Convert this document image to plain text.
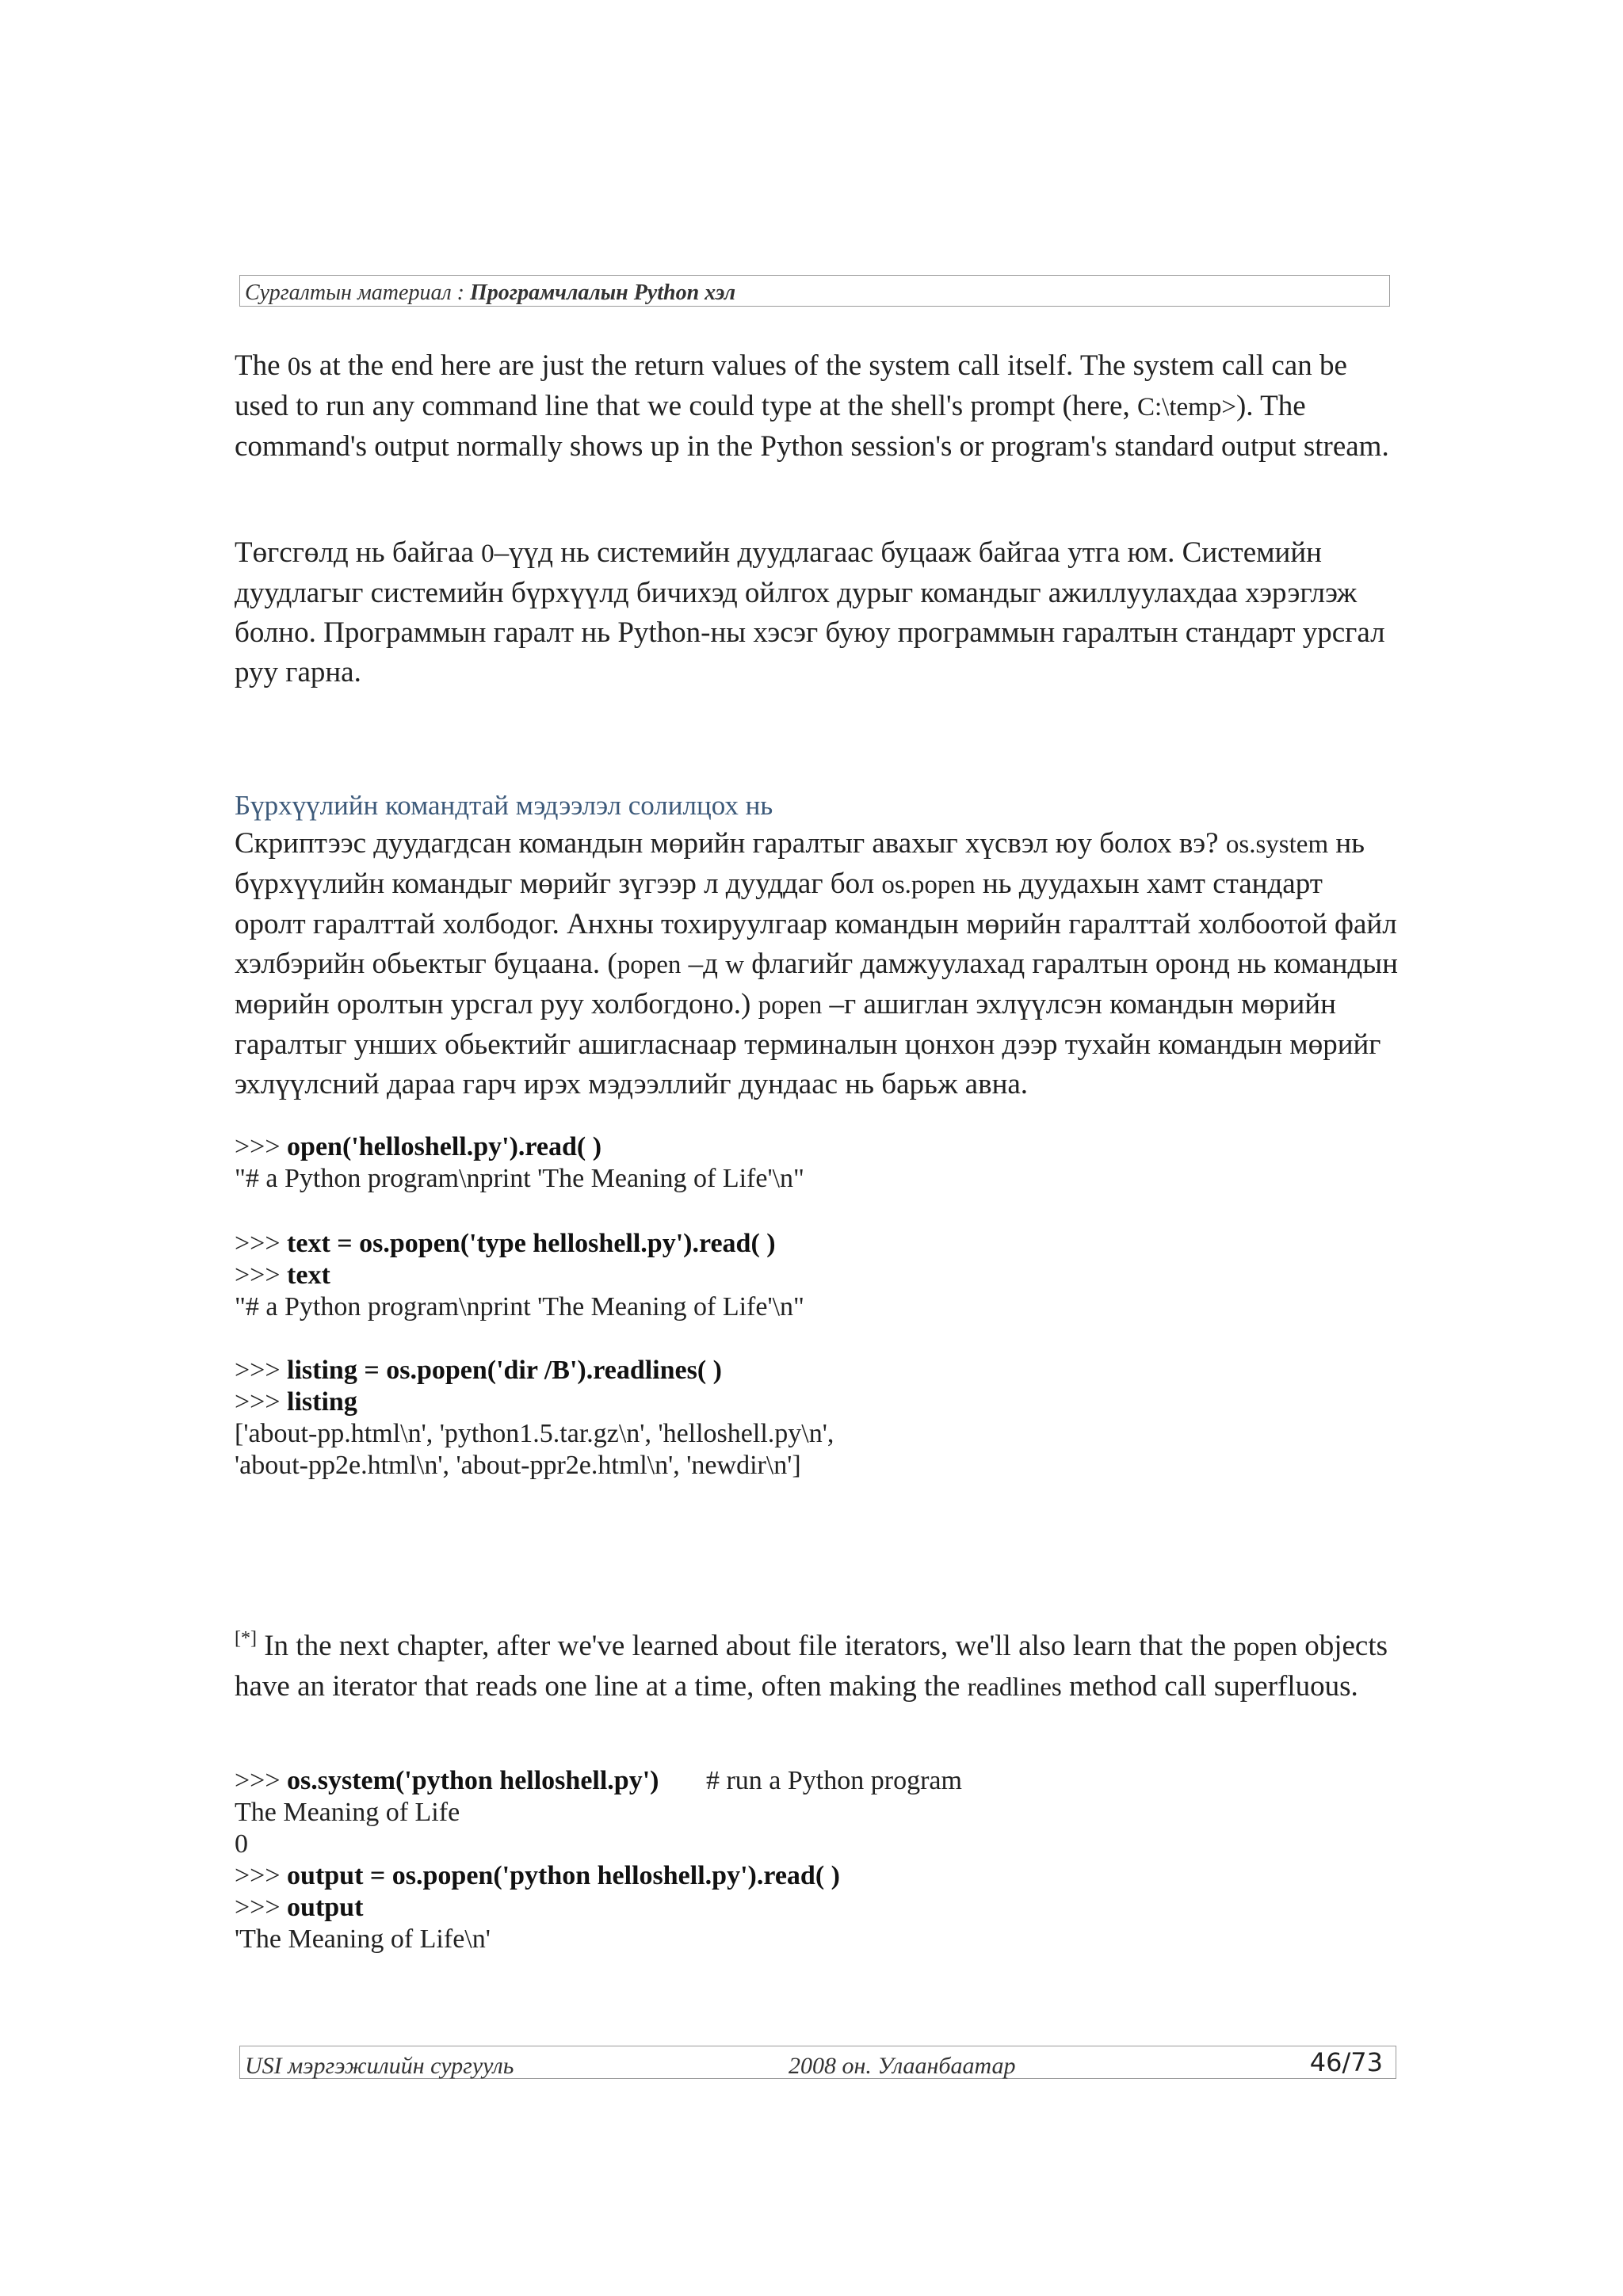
Сургалтын материал : Програмчлалын Python хэл

The 0s at the end here are just the return values of the system call itself. The system call can be used to run any command line that we could type at the shell's prompt (here, C:\temp>). The command's output normally shows up in the Python session's or program's standard output stream.

Төгсгөлд нь байгаа 0–үүд нь системийн дуудлагаас буцааж байгаа утга юм. Системийн дуудлагыг системийн бүрхүүлд бичихэд ойлгох дурыг командыг ажиллуулахдаа хэрэглэж болно. Программын гаралт нь Python-ны хэсэг буюу программын гаралтын стандарт урсгал руу гарна.

Бүрхүүлийн командтай мэдээлэл солилцох нь

Скриптээс дуудагдсан командын мөрийн гаралтыг авахыг хүсвэл юу болох вэ? os.system нь бүрхүүлийн командыг мөрийг зүгээр л дууддаг бол os.popen нь дуудахын хамт стандарт оролт гаралттай холбодог. Анхны тохируулгаар командын мөрийн гаралттай холбоотой файл хэлбэрийн обьектыг буцаана. (popen –д w флагийг дамжуулахад гаралтын оронд нь командын мөрийн оролтын урсгал руу холбогдоно.) popen –г ашиглан эхлүүлсэн командын мөрийн гаралтыг унших обьектийг ашигласнаар терминалын цонхон дээр тухайн командын мөрийг эхлүүлсний дараа гарч ирэх мэдээллийг дундаас нь барьж авна.

>>> open('helloshell.py').read( )
"# a Python program\nprint 'The Meaning of Life'\n"
>>> text = os.popen('type helloshell.py').read( )
>>> text
"# a Python program\nprint 'The Meaning of Life'\n"
>>> listing = os.popen('dir /B').readlines( )
>>> listing
['about-pp.html\n', 'python1.5.tar.gz\n', 'helloshell.py\n',
'about-pp2e.html\n', 'about-ppr2e.html\n', 'newdir\n']

[*] In the next chapter, after we've learned about file iterators, we'll also learn that the popen objects have an iterator that reads one line at a time, often making the readlines method call superfluous.

>>> os.system('python helloshell.py')       # run a Python program
The Meaning of Life
0
>>> output = os.popen('python helloshell.py').read( )
>>> output
'The Meaning of Life\n'
USI мэргэжилийн сургууль	2008 он. Улаанбаатар	46/73
